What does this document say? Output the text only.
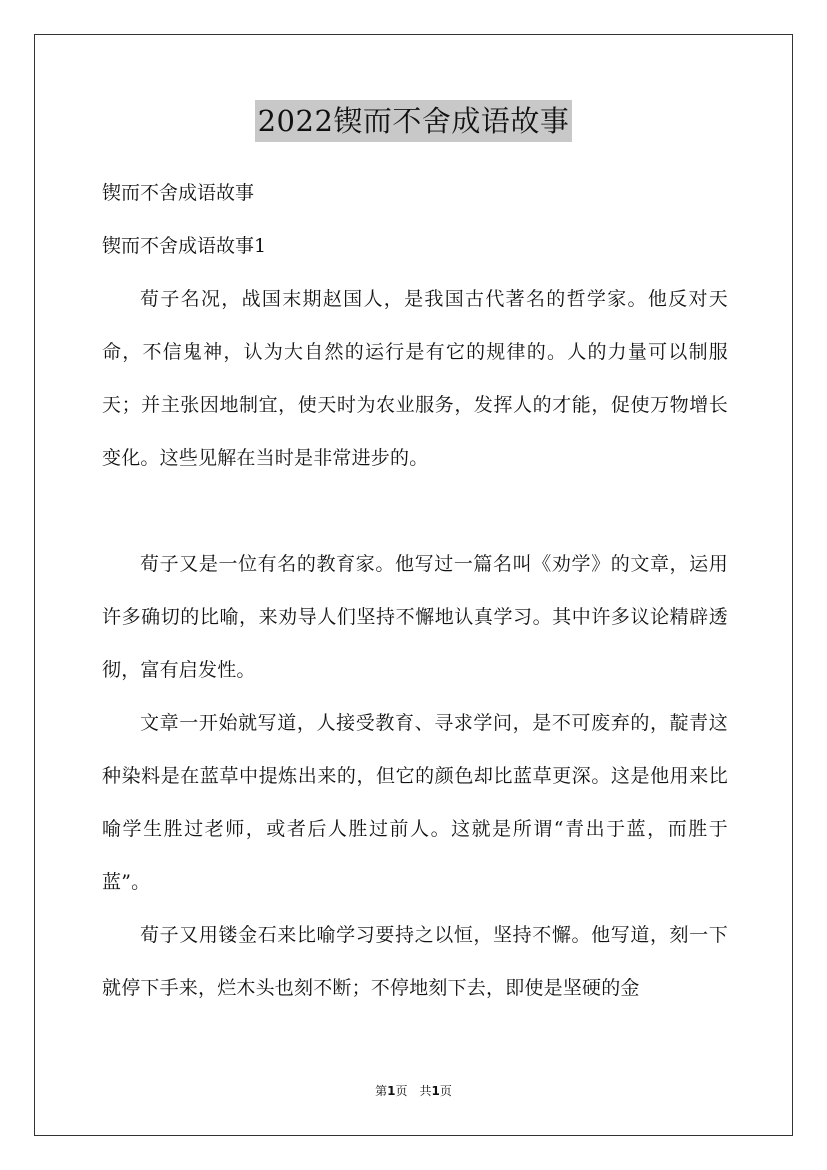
2022锲而不舍成语故事
锲而不舍成语故事
锲而不舍成语故事1

荀子名况，战国末期赵国人，是我国古代著名的哲学家。他反对天命，不信鬼神，认为大自然的运行是有它的规律的。人的力量可以制服天；并主张因地制宜，使天时为农业服务，发挥人的才能，促使万物增长变化。这些见解在当时是非常进步的。

荀子又是一位有名的教育家。他写过一篇名叫《劝学》的文章，运用许多确切的比喻，来劝导人们坚持不懈地认真学习。其中许多议论精辟透彻，富有启发性。

文章一开始就写道，人接受教育、寻求学问，是不可废弃的，靛青这种染料是在蓝草中提炼出来的，但它的颜色却比蓝草更深。这是他用来比喻学生胜过老师，或者后人胜过前人。这就是所谓“青出于蓝，而胜于蓝”。

荀子又用镂金石来比喻学习要持之以恒，坚持不懈。他写道，刻一下就停下手来，烂木头也刻不断；不停地刻下去，即使是坚硬的金

第1页　共1页
